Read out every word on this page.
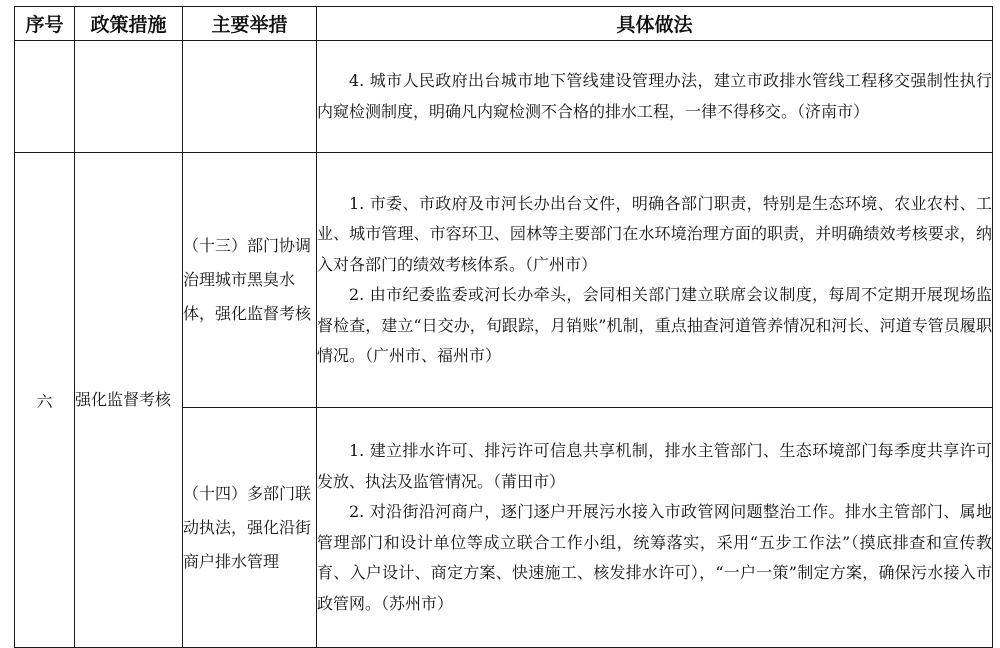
序号	政策措施	主要举措	具体做法

			4. 城市人民政府出台城市地下管线建设管理办法，建立市政排水管线工程移交强制性执行内窥检测制度，明确凡内窥检测不合格的排水工程，一律不得移交。（济南市）

六	强化监督考核	（十三）部门协调治理城市黑臭水体，强化监督考核	1. 市委、市政府及市河长办出台文件，明确各部门职责，特别是生态环境、农业农村、工业、城市管理、市容环卫、园林等主要部门在水环境治理方面的职责，并明确绩效考核要求，纳入对各部门的绩效考核体系。（广州市）

2. 由市纪委监委或河长办牵头，会同相关部门建立联席会议制度，每周不定期开展现场监督检查，建立“日交办，旬跟踪，月销账”机制，重点抽查河道管养情况和河长、河道专管员履职情况。（广州市、福州市）

		（十四）多部门联动执法，强化沿街商户排水管理	1. 建立排水许可、排污许可信息共享机制，排水主管部门、生态环境部门每季度共享许可发放、执法及监管情况。（莆田市）

2. 对沿街沿河商户，逐门逐户开展污水接入市政管网问题整治工作。排水主管部门、属地管理部门和设计单位等成立联合工作小组，统筹落实，采用“五步工作法”（摸底排查和宣传教育、入户设计、商定方案、快速施工、核发排水许可），“一户一策”制定方案，确保污水接入市政管网。（苏州市）
